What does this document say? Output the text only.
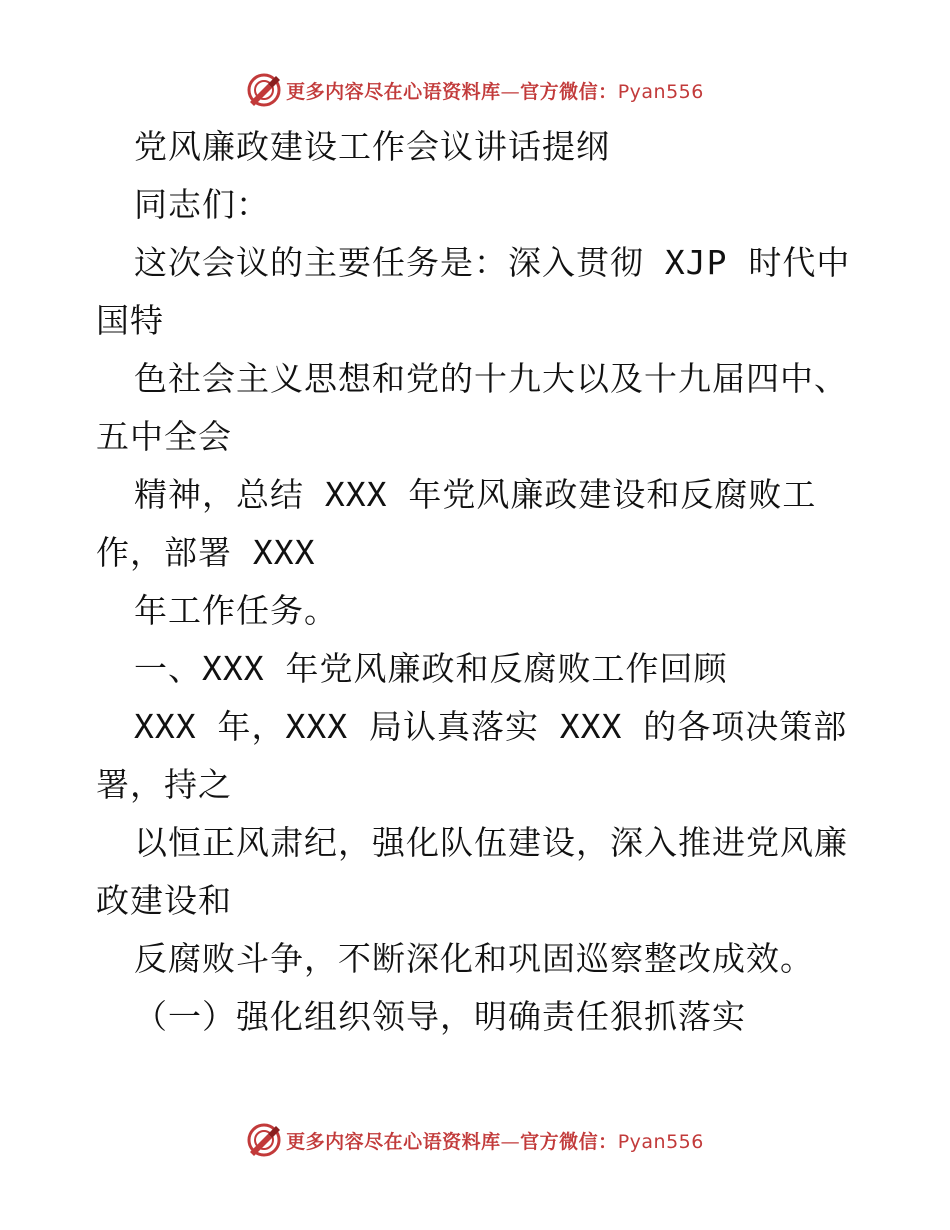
更多内容尽在心语资料库—官方微信：Pyan556
党风廉政建设工作会议讲话提纲
同志们：
这次会议的主要任务是：深入贯彻 XJP 时代中
国特
色社会主义思想和党的十九大以及十九届四中、
五中全会
精神，总结 XXX 年党风廉政建设和反腐败工
作，部署 XXX
年工作任务。
一、XXX 年党风廉政和反腐败工作回顾
XXX 年，XXX 局认真落实 XXX 的各项决策部
署，持之
以恒正风肃纪，强化队伍建设，深入推进党风廉
政建设和
反腐败斗争，不断深化和巩固巡察整改成效。
（一）强化组织领导，明确责任狠抓落实
更多内容尽在心语资料库—官方微信：Pyan556
